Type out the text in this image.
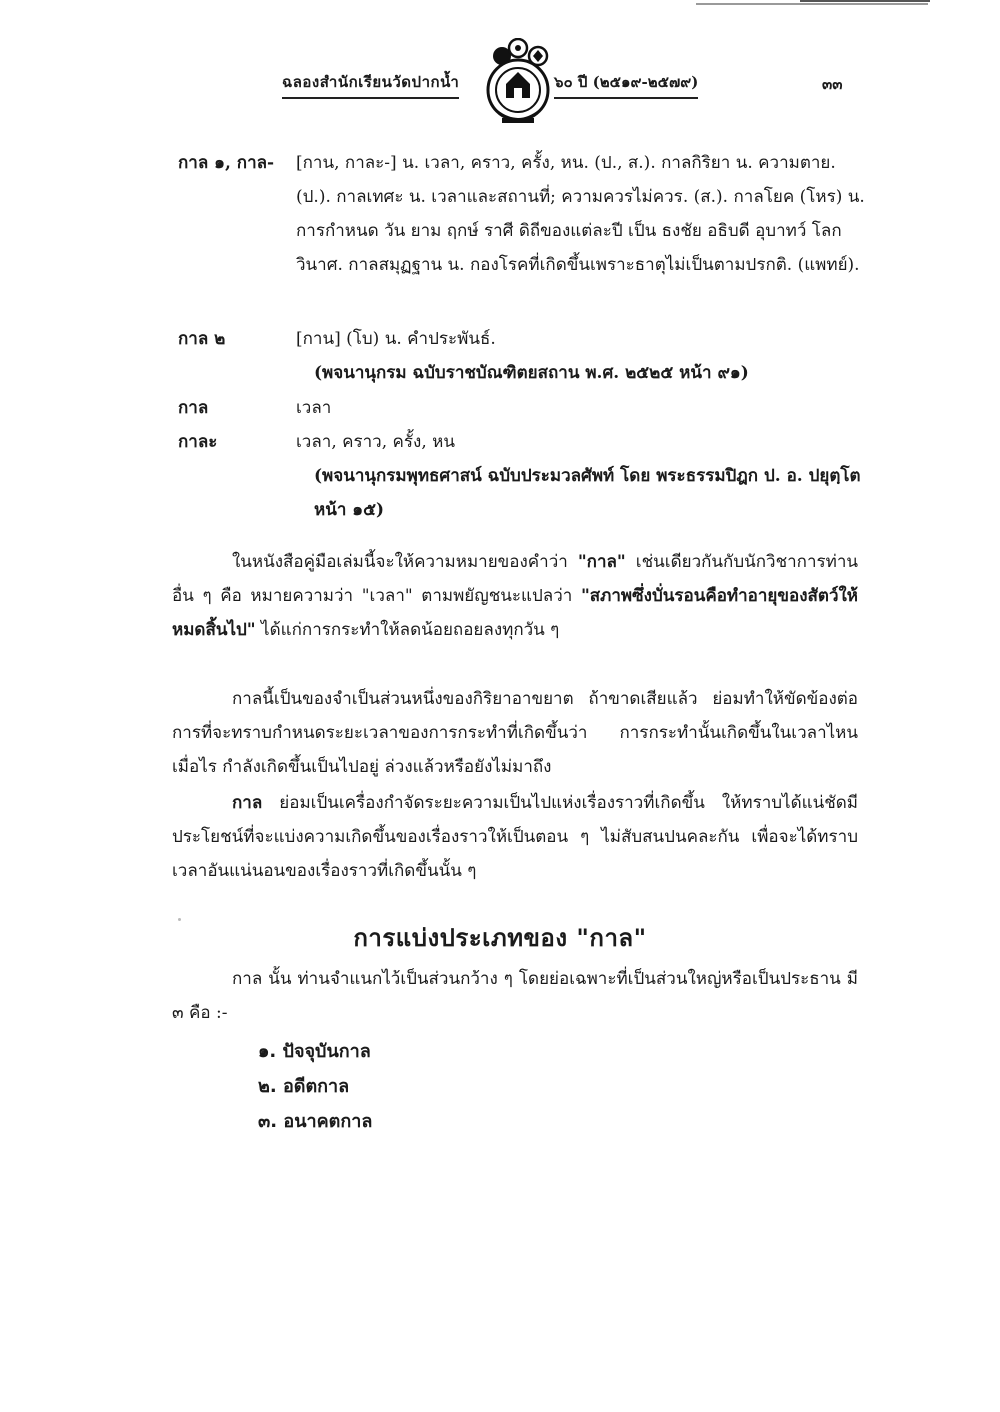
ฉลองสำนักเรียนวัดปากน้ำ	๖๐ ปี (๒๕๑๙-๒๕๗๙)	๓๓
กาล ๑, กาล-	[กาน, กาละ-] น. เวลา, คราว, ครั้ง, หน. (ป., ส.). กาลกิริยา น. ความตาย. (ป.). กาลเทศะ น. เวลาและสถานที่; ความควรไม่ควร. (ส.). กาลโยค (โหร) น. การกำหนด วัน ยาม ฤกษ์ ราศี ดิถีของแต่ละปี เป็น ธงชัย อธิบดี อุบาทว์ โลกวินาศ. กาลสมุฏฐาน น. กองโรคที่เกิดขึ้นเพราะธาตุไม่เป็นตามปรกติ. (แพทย์).
กาล ๒	[กาน] (โบ) น. คำประพันธ์.
(พจนานุกรม ฉบับราชบัณฑิตยสถาน พ.ศ. ๒๕๒๕ หน้า ๙๑)
กาล	เวลา
กาละ	เวลา, คราว, ครั้ง, หน
(พจนานุกรมพุทธศาสน์ ฉบับประมวลศัพท์ โดย พระธรรมปิฎก ป. อ. ปยุตฺโต หน้า ๑๕)
ในหนังสือคู่มือเล่มนี้จะให้ความหมายของคำว่า "กาล" เช่นเดียวกันกับนักวิชาการท่านอื่น ๆ คือ หมายความว่า "เวลา" ตามพยัญชนะแปลว่า "สภาพซึ่งบั่นรอนคือทำอายุของสัตว์ให้หมดสิ้นไป" ได้แก่การกระทำให้ลดน้อยถอยลงทุกวัน ๆ
กาลนี้เป็นของจำเป็นส่วนหนึ่งของกิริยาอาขยาต ถ้าขาดเสียแล้ว ย่อมทำให้ขัดข้องต่อการที่จะทราบกำหนดระยะเวลาของการกระทำที่เกิดขึ้นว่า การกระทำนั้นเกิดขึ้นในเวลาไหน เมื่อไร กำลังเกิดขึ้นเป็นไปอยู่ ล่วงแล้วหรือยังไม่มาถึง
กาล ย่อมเป็นเครื่องกำจัดระยะความเป็นไปแห่งเรื่องราวที่เกิดขึ้น ให้ทราบได้แน่ชัดมีประโยชน์ที่จะแบ่งความเกิดขึ้นของเรื่องราวให้เป็นตอน ๆ ไม่สับสนปนคละกัน เพื่อจะได้ทราบเวลาอันแน่นอนของเรื่องราวที่เกิดขึ้นนั้น ๆ
การแบ่งประเภทของ "กาล"
กาล นั้น ท่านจำแนกไว้เป็นส่วนกว้าง ๆ โดยย่อเฉพาะที่เป็นส่วนใหญ่หรือเป็นประธาน มี ๓ คือ :-
๑. ปัจจุบันกาล
๒. อดีตกาล
๓. อนาคตกาล
